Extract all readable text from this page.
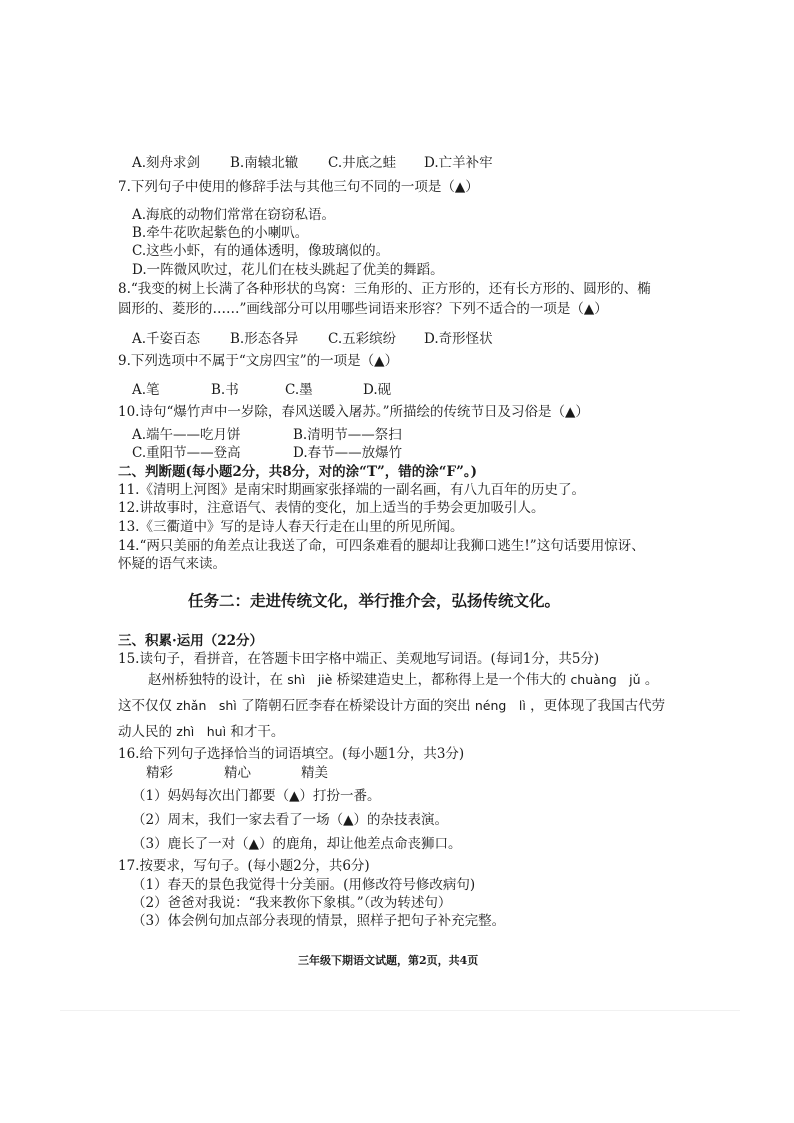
A.刻舟求剑 B.南辕北辙 C.井底之蛙 D.亡羊补牢
7.下列句子中使用的修辞手法与其他三句不同的一项是（▲）
A.海底的动物们常常在窃窃私语。
B.牵牛花吹起紫色的小喇叭。
C.这些小虾，有的通体透明，像玻璃似的。
D.一阵微风吹过，花儿们在枝头跳起了优美的舞蹈。
8.“我变的树上长满了各种形状的鸟窝：三角形的、正方形的，还有长方形的、圆形的、椭
圆形的、菱形的……”画线部分可以用哪些词语来形容？下列不适合的一项是（▲）
A.千姿百态 B.形态各异 C.五彩缤纷 D.奇形怪状
9.下列选项中不属于“文房四宝”的一项是（▲）
A.笔	B.书	C.墨	D.砚
10.诗句“爆竹声中一岁除，春风送暖入屠苏。”所描绘的传统节日及习俗是（▲）
A.端午——吃月饼	B.清明节——祭扫
C.重阳节——登高	D.春节——放爆竹
二、判断题(每小题2分，共8分，对的涂“T”，错的涂“F”。)
11.《清明上河图》是南宋时期画家张择端的一副名画，有八九百年的历史了。
12.讲故事时，注意语气、表情的变化，加上适当的手势会更加吸引人。
13.《三衢道中》写的是诗人春天行走在山里的所见所闻。
14.“两只美丽的角差点让我送了命，可四条难看的腿却让我狮口逃生!”这句话要用惊讶、
怀疑的语气来读。
任务二：走进传统文化，举行推介会，弘扬传统文化。
三、积累·运用（22分）
15.读句子，看拼音，在答题卡田字格中端正、美观地写词语。(每词1分，共5分)
赵州桥独特的设计，在 shì　jiè 桥梁建造史上，都称得上是一个伟大的 chuàng　jǔ 。
这不仅仅 zhǎn　shì 了隋朝石匠李春在桥梁设计方面的突出 néng　lì ，更体现了我国古代劳
动人民的 zhì　huì 和才干。
16.给下列句子选择恰当的词语填空。(每小题1分，共3分)
精彩	精心	精美
（1）妈妈每次出门都要（▲）打扮一番。
（2）周末，我们一家去看了一场（▲）的杂技表演。
（3）鹿长了一对（▲）的鹿角，却让他差点命丧狮口。
17.按要求，写句子。(每小题2分，共6分)
（1）春天的景色我觉得十分美丽。(用修改符号修改病句)
（2）爸爸对我说：“我来教你下象棋。”（改为转述句）
（3）体会例句加点部分表现的情景，照样子把句子补充完整。
三年级下期语文试题，第2页，共4页
